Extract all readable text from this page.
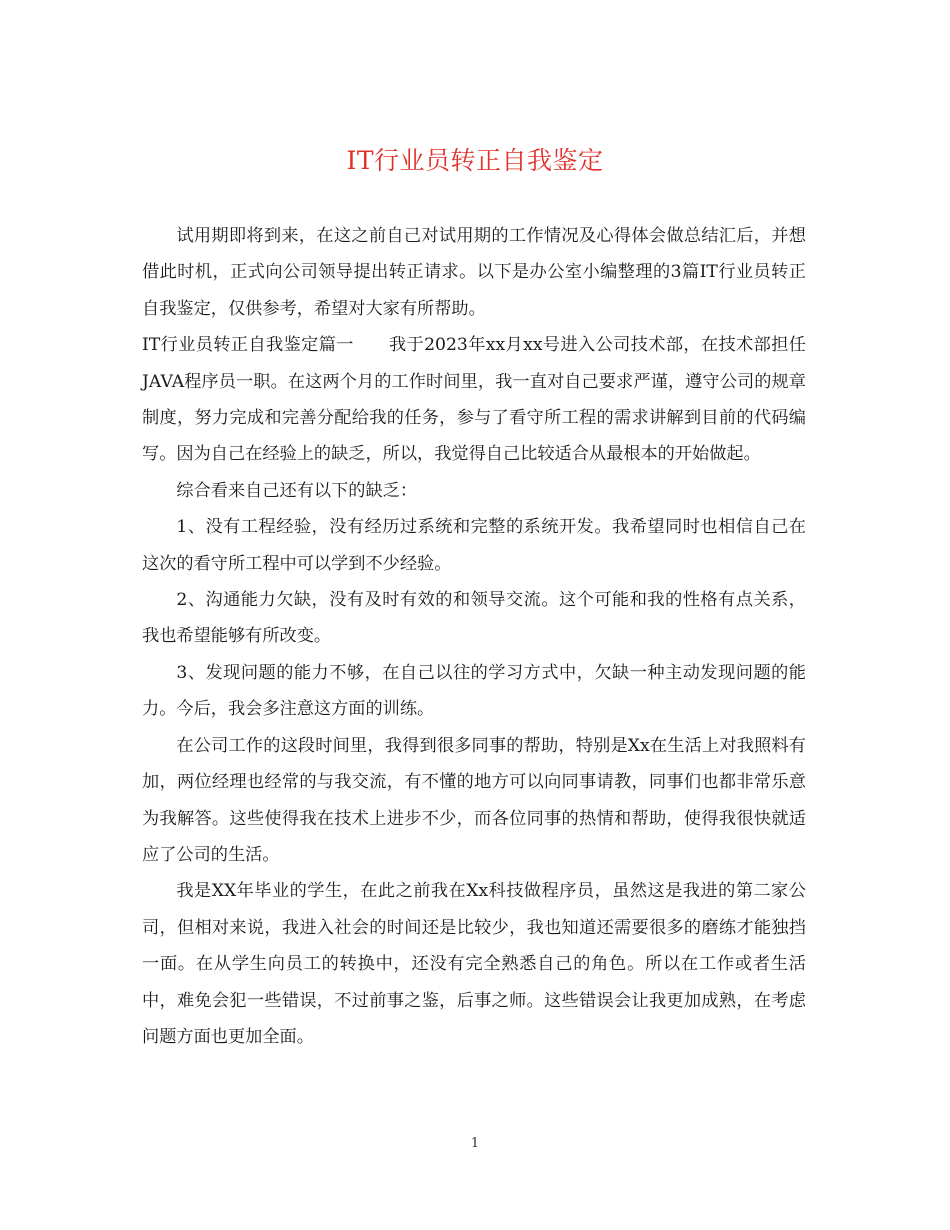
IT行业员转正自我鉴定

试用期即将到来，在这之前自己对试用期的工作情况及心得体会做总结汇后，并想借此时机，正式向公司领导提出转正请求。以下是办公室小编整理的3篇IT行业员转正自我鉴定，仅供参考，希望对大家有所帮助。

IT行业员转正自我鉴定篇一　　我于2023年xx月xx号进入公司技术部，在技术部担任JAVA程序员一职。在这两个月的工作时间里，我一直对自己要求严谨，遵守公司的规章制度，努力完成和完善分配给我的任务，参与了看守所工程的需求讲解到目前的代码编写。因为自己在经验上的缺乏，所以，我觉得自己比较适合从最根本的开始做起。

综合看来自己还有以下的缺乏：

1、没有工程经验，没有经历过系统和完整的系统开发。我希望同时也相信自己在这次的看守所工程中可以学到不少经验。

2、沟通能力欠缺，没有及时有效的和领导交流。这个可能和我的性格有点关系，我也希望能够有所改变。

3、发现问题的能力不够，在自己以往的学习方式中，欠缺一种主动发现问题的能力。今后，我会多注意这方面的训练。

在公司工作的这段时间里，我得到很多同事的帮助，特别是Xx在生活上对我照料有加，两位经理也经常的与我交流，有不懂的地方可以向同事请教，同事们也都非常乐意为我解答。这些使得我在技术上进步不少，而各位同事的热情和帮助，使得我很快就适应了公司的生活。

我是XX年毕业的学生，在此之前我在Xx科技做程序员，虽然这是我进的第二家公司，但相对来说，我进入社会的时间还是比较少，我也知道还需要很多的磨练才能独挡一面。在从学生向员工的转换中，还没有完全熟悉自己的角色。所以在工作或者生活中，难免会犯一些错误，不过前事之鉴，后事之师。这些错误会让我更加成熟，在考虑问题方面也更加全面。

1
